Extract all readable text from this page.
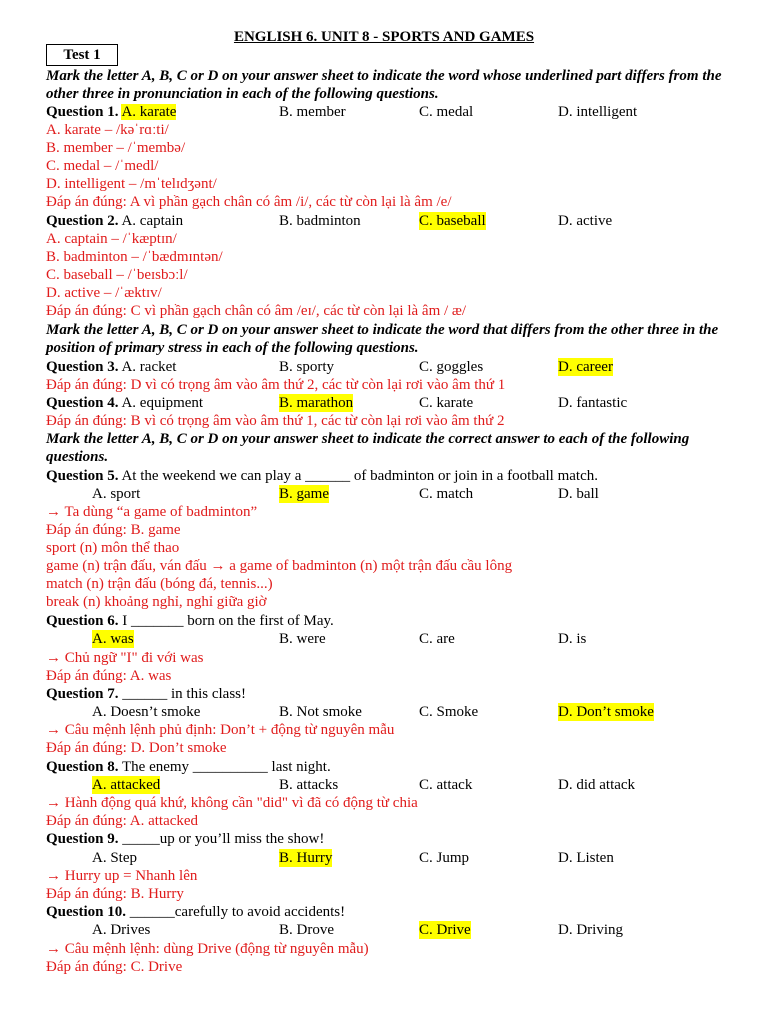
ENGLISH 6. UNIT 8 - SPORTS AND GAMES
Test 1
Mark the letter A, B, C or D on your answer sheet to indicate the word whose underlined part differs from the other three in pronunciation in each of the following questions.
Question 1. A. karate	B. member	C. medal	D. intelligent
A. karate – /kəˈrɑːti/
B. member – /ˈmembə/
C. medal – /ˈmedl/
D. intelligent – /mˈtelɪdʒənt/
Đáp án đúng: A vì phần gạch chân có âm /i/, các từ còn lại là âm /e/
Question 2. A. captain	B. badminton	C. baseball	D. active
A. captain – /ˈkæptɪn/
B. badminton – /ˈbædmɪntən/
C. baseball – /ˈbeɪsbɔːl/
D. active – /ˈæktɪv/
Đáp án đúng: C vì phần gạch chân có âm /eɪ/, các từ còn lại là âm / æ/
Mark the letter A, B, C or D on your answer sheet to indicate the word that differs from the other three in the position of primary stress in each of the following questions.
Question 3. A. racket	B. sporty	C. goggles	D. career
Đáp án đúng: D vì có trọng âm vào âm thứ 2, các từ còn lại rơi vào âm thứ 1
Question 4. A. equipment	B. marathon	C. karate	D. fantastic
Đáp án đúng: B vì có trọng âm vào âm thứ 1, các từ còn lại rơi vào âm thứ 2
Mark the letter A, B, C or D on your answer sheet to indicate the correct answer to each of the following questions.
Question 5. At the weekend we can play a ______ of badminton or join in a football match.
A. sport	B. game	C. match	D. ball
→ Ta dùng “a game of badminton”
Đáp án đúng: B. game
sport (n) môn thể thao
game (n) trận đấu, ván đấu → a game of badminton (n) một trận đấu cầu lông
match (n) trận đấu (bóng đá, tennis...)
break (n) khoảng nghỉ, nghỉ giữa giờ
Question 6. I _______ born on the first of May.
A. was	B. were	C. are	D. is
→ Chủ ngữ "I" đi với was
Đáp án đúng: A. was
Question 7. ______ in this class!
A. Doesn’t smoke	B. Not smoke	C. Smoke	D. Don’t smoke
→ Câu mệnh lệnh phủ định: Don’t + động từ nguyên mẫu
Đáp án đúng: D. Don’t smoke
Question 8. The enemy __________ last night.
A. attacked	B. attacks	C. attack	D. did attack
→ Hành động quá khứ, không cần "did" vì đã có động từ chia
Đáp án đúng: A. attacked
Question 9. _____up or you’ll miss the show!
A. Step	B. Hurry	C. Jump	D. Listen
→ Hurry up = Nhanh lên
Đáp án đúng: B. Hurry
Question 10. ______carefully to avoid accidents!
A. Drives	B. Drove	C. Drive	D. Driving
→ Câu mệnh lệnh: dùng Drive (động từ nguyên mẫu)
Đáp án đúng: C. Drive
